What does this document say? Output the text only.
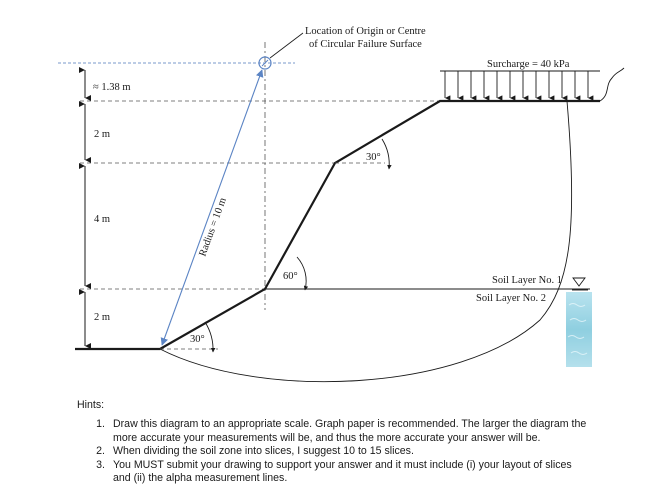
≈ 1.38 m
2 m
4 m
2 m
Surcharge = 40 kPa
Location of Origin or Centre
of Circular Failure Surface
Radius = 10 m
30°
60°
30°
Soil Layer No. 1
Soil Layer No. 2
Hints:
1. Draw this diagram to an appropriate scale. Graph paper is recommended. The larger the diagram the
more accurate your measurements will be, and thus the more accurate your answer will be.
2. When dividing the soil zone into slices, I suggest 10 to 15 slices.
3. You MUST submit your drawing to support your answer and it must include (i) your layout of slices
and (ii) the alpha measurement lines.
